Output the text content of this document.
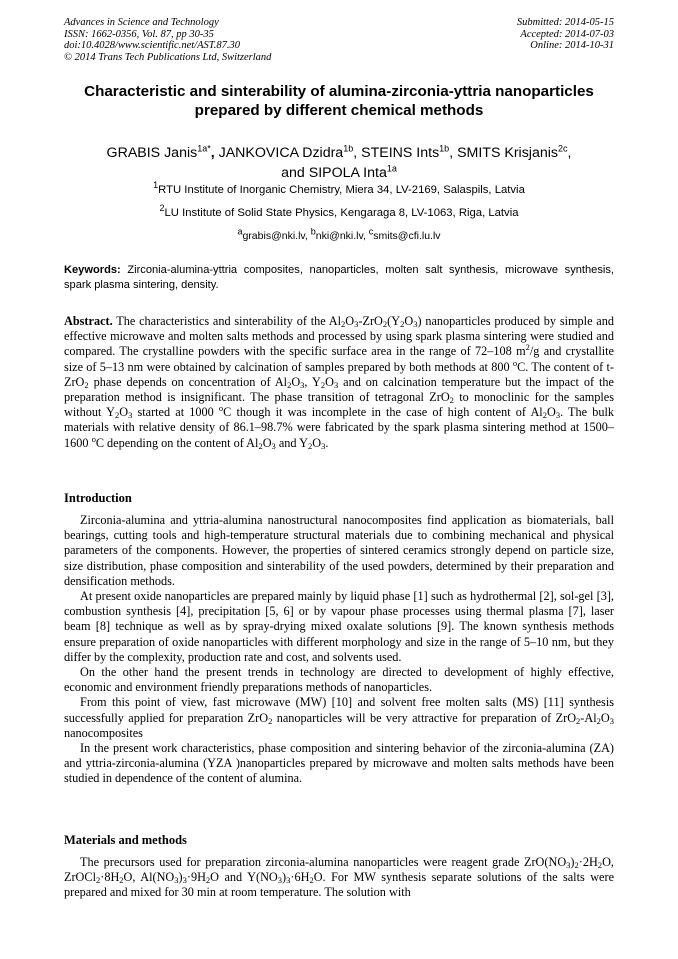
Advances in Science and Technology
ISSN: 1662-0356, Vol. 87, pp 30-35
doi:10.4028/www.scientific.net/AST.87.30
© 2014 Trans Tech Publications Ltd, Switzerland
Submitted: 2014-05-15
Accepted: 2014-07-03
Online: 2014-10-31
Characteristic and sinterability of alumina-zirconia-yttria nanoparticles
prepared by different chemical methods
GRABIS Janis$^{1a*}$, JANKOVICA Dzidra$^{1b}$, STEINS Ints$^{1b}$, SMITS Krisjanis$^{2c}$,
and SIPOLA Inta$^{1a}$
$^1$RTU Institute of Inorganic Chemistry, Miera 34, LV-2169, Salaspils, Latvia
$^2$LU Institute of Solid State Physics, Kengaraga 8, LV-1063, Riga, Latvia
$^a$grabis@nki.lv, $^b$nki@nki.lv, $^c$smits@cfi.lu.lv
Keywords: Zirconia-alumina-yttria composites, nanoparticles, molten salt synthesis, microwave synthesis, spark plasma sintering, density.
Abstract. The characteristics and sinterability of the $Al_2O_3-ZrO_2(Y_2O_3)$ nanoparticles produced by simple and effective microwave and molten salts methods and processed by using spark plasma sintering were studied and compared. The crystalline powders with the specific surface area in the range of 72–108 $m^2/g$ and crystallite size of 5–13 nm were obtained by calcination of samples prepared by both methods at 800 $^o$C. The content of t-ZrO$_2$ phase depends on concentration of $Al_2O_3$, $Y_2O_3$ and on calcination temperature but the impact of the preparation method is insignificant. The phase transition of tetragonal ZrO$_2$ to monoclinic for the samples without $Y_2O_3$ started at 1000 $^o$C though it was incomplete in the case of high content of $Al_2O_3$. The bulk materials with relative density of 86.1–98.7% were fabricated by the spark plasma sintering method at 1500–1600 $^o$C depending on the content of $Al_2O_3$ and $Y_2O_3$.
Introduction

Zirconia-alumina and yttria-alumina nanostructural nanocomposites find application as biomaterials, ball bearings, cutting tools and high-temperature structural materials due to combining mechanical and physical parameters of the components. However, the properties of sintered ceramics strongly depend on particle size, size distribution, phase composition and sinterability of the used powders, determined by their preparation and densification methods.

At present oxide nanoparticles are prepared mainly by liquid phase [1] such as hydrothermal [2], sol-gel [3], combustion synthesis [4], precipitation [5, 6] or by vapour phase processes using thermal plasma [7], laser beam [8] technique as well as by spray-drying mixed oxalate solutions [9]. The known synthesis methods ensure preparation of oxide nanoparticles with different morphology and size in the range of 5–10 nm, but they differ by the complexity, production rate and cost, and solvents used.

On the other hand the present trends in technology are directed to development of highly effective, economic and environment friendly preparations methods of nanoparticles.

From this point of view, fast microwave (MW) [10] and solvent free molten salts (MS) [11] synthesis successfully applied for preparation ZrO$_2$ nanoparticles will be very attractive for preparation of $ZrO_2-Al_2O_3$ nanocomposites

In the present work characteristics, phase composition and sintering behavior of the zirconia-alumina (ZA) and yttria-zirconia-alumina (YZA )nanoparticles prepared by microwave and molten salts methods have been studied in dependence of the content of alumina.

Materials and methods

The precursors used for preparation zirconia-alumina nanoparticles were reagent grade $ZrO(NO_3)_2\cdot 2H_2O$, $ZrOCl_2\cdot 8H_2O$, $Al(NO_3)_3\cdot 9H_2O$ and $Y(NO_3)_3\cdot 6H_2O$. For MW synthesis separate solutions of the salts were prepared and mixed for 30 min at room temperature. The solution with
